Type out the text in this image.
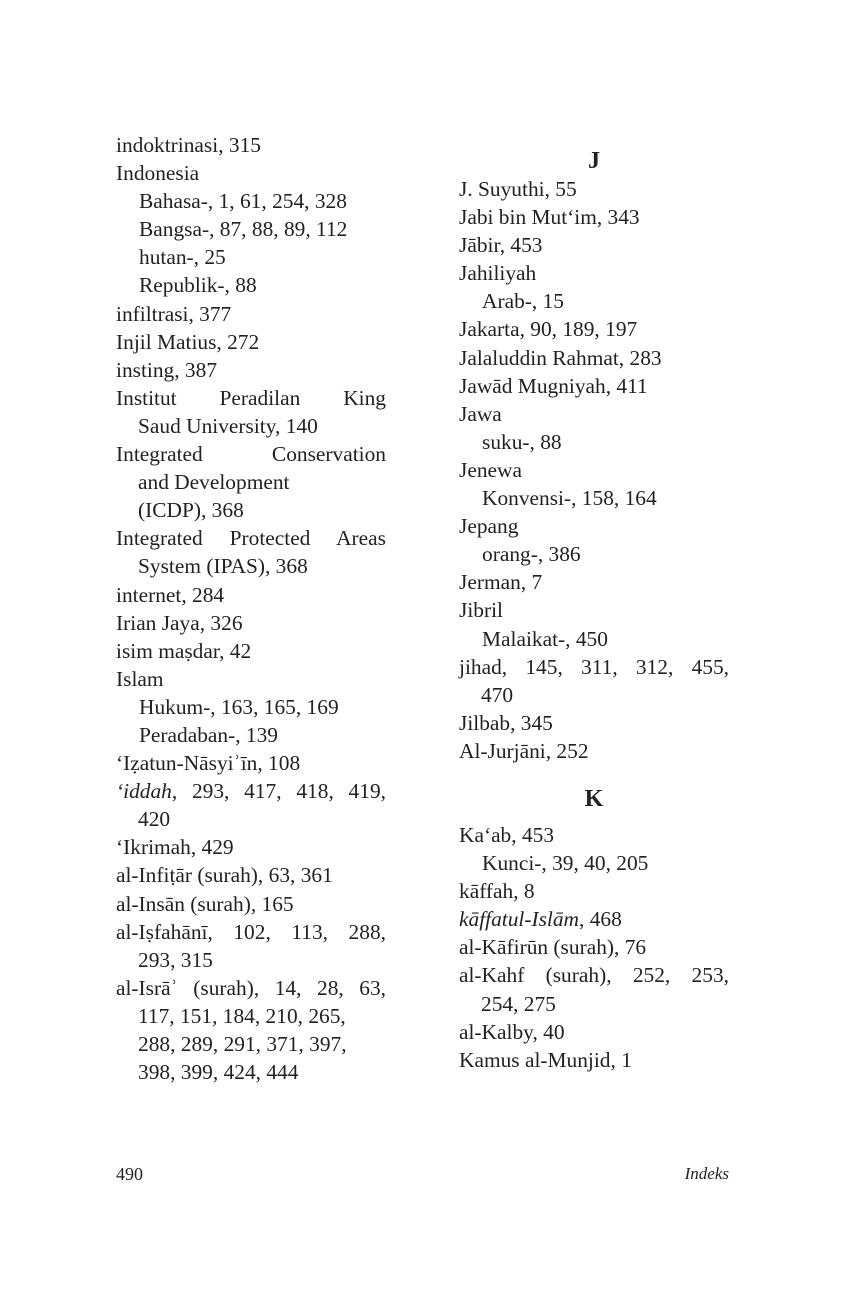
indoktrinasi, 315
Indonesia
Bahasa-, 1, 61, 254, 328
Bangsa-, 87, 88, 89, 112
hutan-, 25
Republik-, 88
infiltrasi, 377
Injil Matius, 272
insting, 387
Institut Peradilan King
Saud University, 140
Integrated Conservation
and Development
(ICDP), 368
Integrated Protected Areas
System (IPAS), 368
internet, 284
Irian Jaya, 326
isim maṣdar, 42
Islam
Hukum-, 163, 165, 169
Peradaban-, 139
‘Iẓatun-Nāsyiʾīn, 108
‘iddah, 293, 417, 418, 419,
420
‘Ikrimah, 429
al-Infiṭār (surah), 63, 361
al-Insān (surah), 165
al-Iṣfahānī, 102, 113, 288,
293, 315
al-Isrāʾ (surah), 14, 28, 63,
117, 151, 184, 210, 265,
288, 289, 291, 371, 397,
398, 399, 424, 444
J
J. Suyuthi, 55
Jabi bin Mut‘im, 343
Jābir, 453
Jahiliyah
Arab-, 15
Jakarta, 90, 189, 197
Jalaluddin Rahmat, 283
Jawād Mugniyah, 411
Jawa
suku-, 88
Jenewa
Konvensi-, 158, 164
Jepang
orang-, 386
Jerman, 7
Jibril
Malaikat-, 450
jihad, 145, 311, 312, 455,
470
Jilbab, 345
Al-Jurjāni, 252
K
Ka‘ab, 453
Kunci-, 39, 40, 205
kāffah, 8
kāffatul-Islām, 468
al-Kāfirūn (surah), 76
al-Kahf (surah), 252, 253,
254, 275
al-Kalby, 40
Kamus al-Munjid, 1
490	Indeks
